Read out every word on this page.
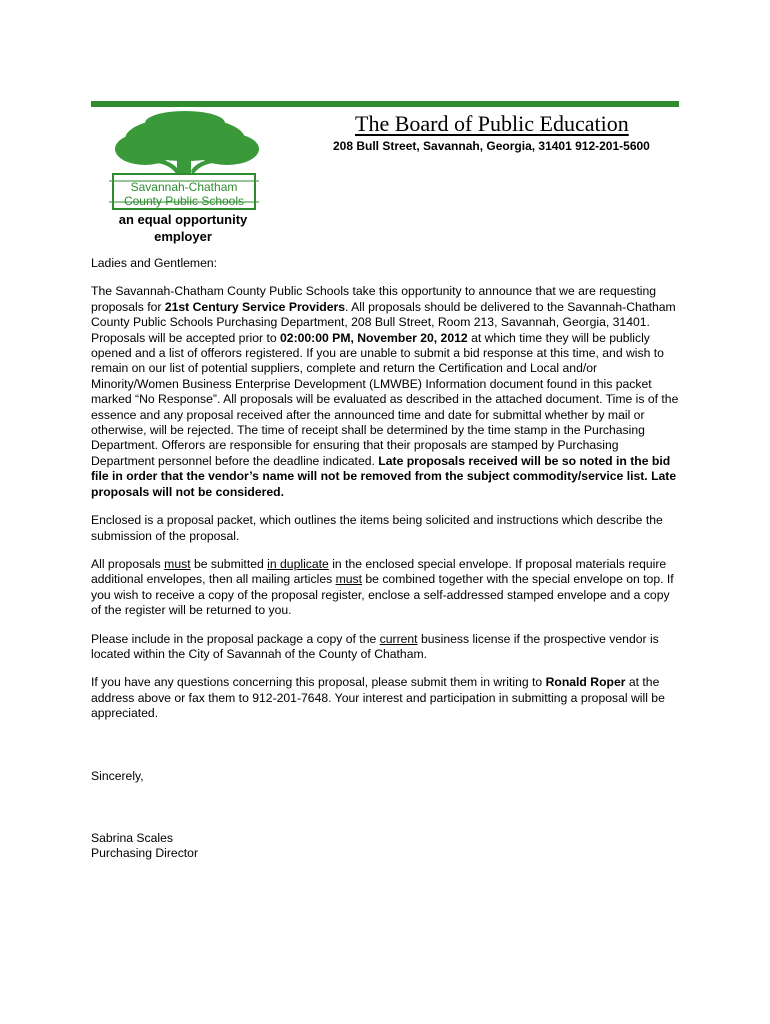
Savannah-Chatham
County Public Schools
an equal opportunity employer
The Board of Public Education
208 Bull Street, Savannah, Georgia, 31401 912-201-5600

Ladies and Gentlemen:

The Savannah-Chatham County Public Schools take this opportunity to announce that we are requesting proposals for 21st Century Service Providers. All proposals should be delivered to the Savannah-Chatham County Public Schools Purchasing Department, 208 Bull Street, Room 213, Savannah, Georgia, 31401. Proposals will be accepted prior to 02:00:00 PM, November 20, 2012 at which time they will be publicly opened and a list of offerors registered. If you are unable to submit a bid response at this time, and wish to remain on our list of potential suppliers, complete and return the Certification and Local and/or Minority/Women Business Enterprise Development (LMWBE) Information document found in this packet marked “No Response”. All proposals will be evaluated as described in the attached document. Time is of the essence and any proposal received after the announced time and date for submittal whether by mail or otherwise, will be rejected. The time of receipt shall be determined by the time stamp in the Purchasing Department. Offerors are responsible for ensuring that their proposals are stamped by Purchasing Department personnel before the deadline indicated. Late proposals received will be so noted in the bid file in order that the vendor’s name will not be removed from the subject commodity/service list. Late proposals will not be considered.

Enclosed is a proposal packet, which outlines the items being solicited and instructions which describe the submission of the proposal.

All proposals must be submitted in duplicate in the enclosed special envelope. If proposal materials require additional envelopes, then all mailing articles must be combined together with the special envelope on top. If you wish to receive a copy of the proposal register, enclose a self-addressed stamped envelope and a copy of the register will be returned to you.

Please include in the proposal package a copy of the current business license if the prospective vendor is located within the City of Savannah of the County of Chatham.

If you have any questions concerning this proposal, please submit them in writing to Ronald Roper at the address above or fax them to 912-201-7648. Your interest and participation in submitting a proposal will be appreciated.

Sincerely,

Sabrina Scales
Purchasing Director
